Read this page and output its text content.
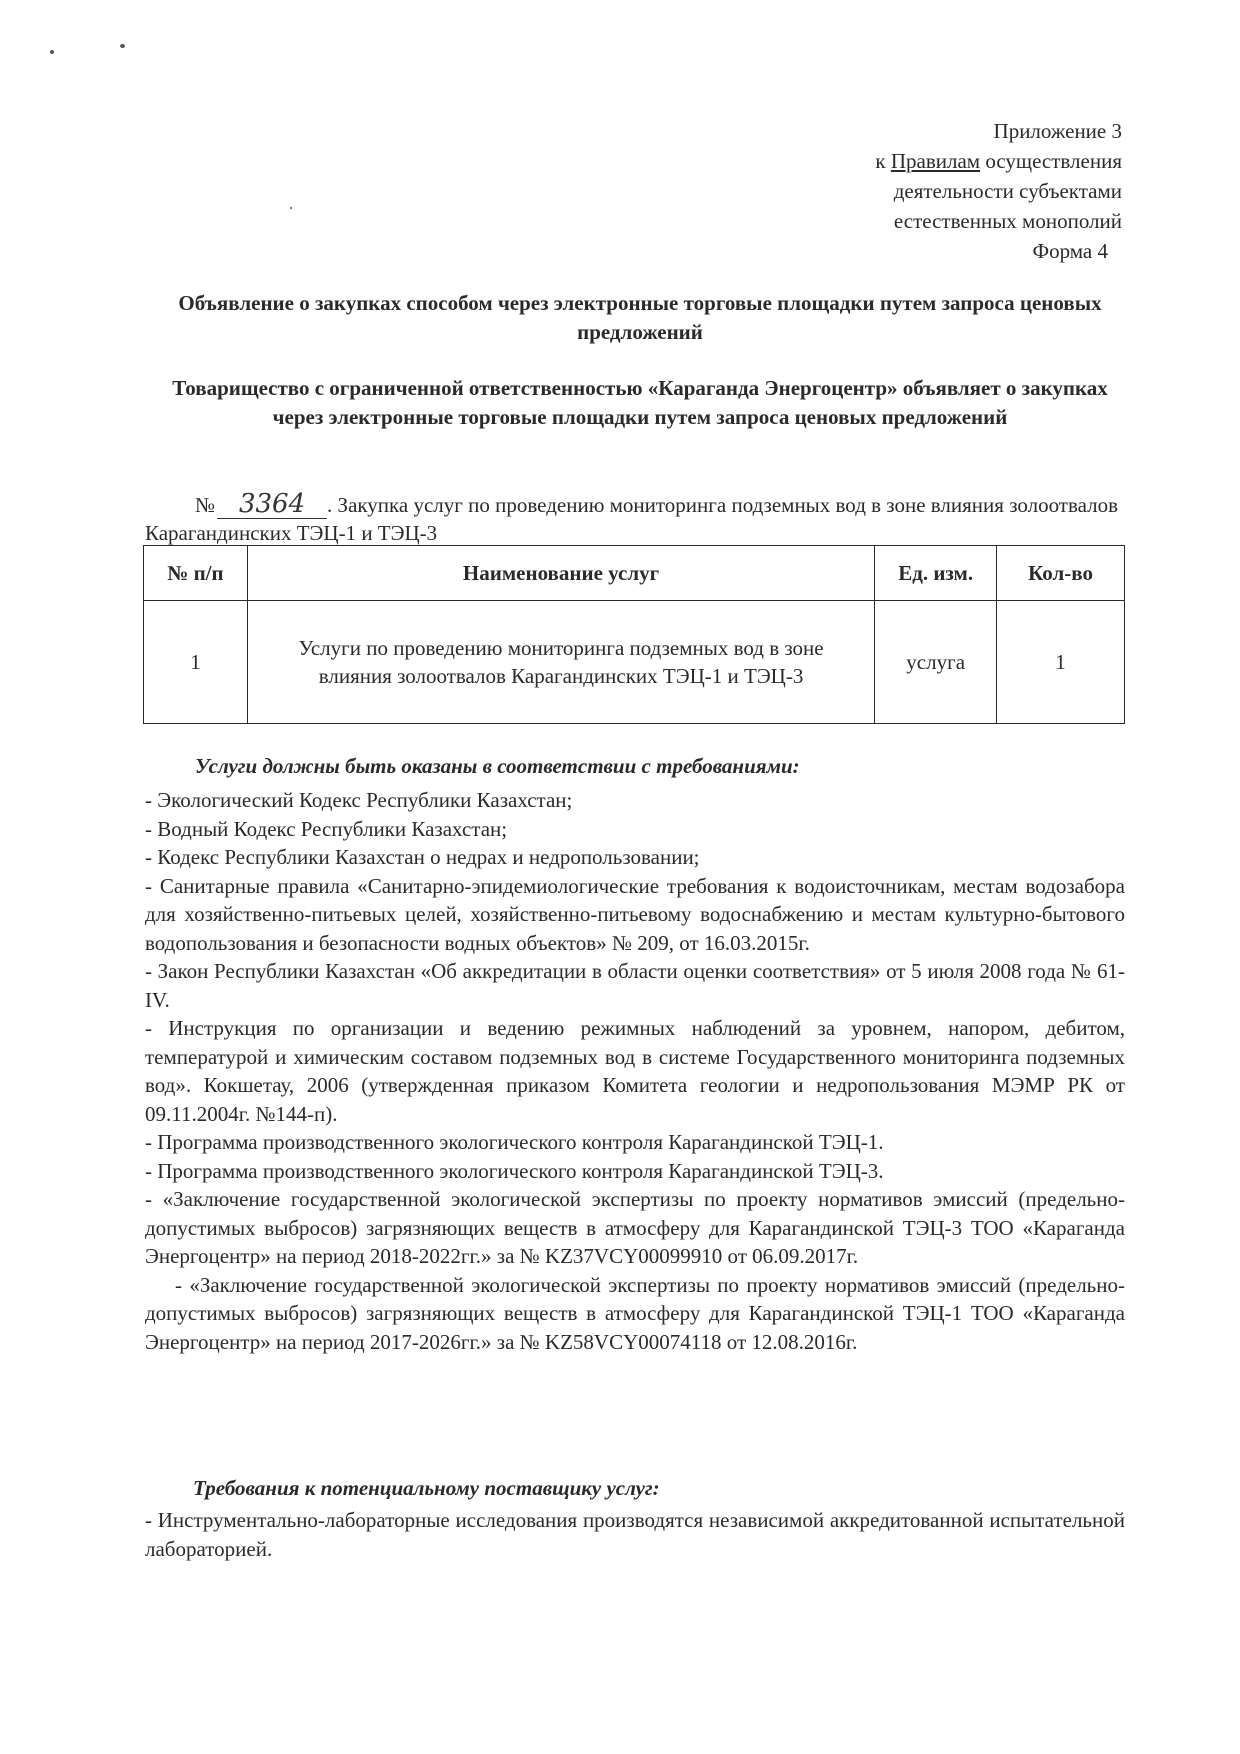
Приложение 3
к Правилам осуществления
деятельности субъектами
естественных монополий
Форма 4
Объявление о закупках способом через электронные торговые площадки путем запроса ценовых предложений
Товарищество с ограниченной ответственностью «Караганда Энергоцентр» объявляет о закупках через электронные торговые площадки путем запроса ценовых предложений
№ 3364 . Закупка услуг по проведению мониторинга подземных вод в зоне влияния золоотвалов Карагандинских ТЭЦ-1 и ТЭЦ-3
№ п/п	Наименование услуг	Ед. изм.	Кол-во
1	Услуги по проведению мониторинга подземных вод в зоне влияния золоотвалов Карагандинских ТЭЦ-1 и ТЭЦ-3	услуга	1
Услуги должны быть оказаны в соответствии с требованиями:

- Экологический Кодекс Республики Казахстан;

- Водный Кодекс Республики Казахстан;

- Кодекс Республики Казахстан о недрах и недропользовании;

- Санитарные правила «Санитарно-эпидемиологические требования к водоисточникам, местам водозабора для хозяйственно-питьевых целей, хозяйственно-питьевому водоснабжению и местам культурно-бытового водопользования и безопасности водных объектов» № 209, от 16.03.2015г.

- Закон Республики Казахстан «Об аккредитации в области оценки соответствия» от 5 июля 2008 года № 61-IV.

- Инструкция по организации и ведению режимных наблюдений за уровнем, напором, дебитом, температурой и химическим составом подземных вод в системе Государственного мониторинга подземных вод». Кокшетау, 2006 (утвержденная приказом Комитета геологии и недропользования МЭМР РК от 09.11.2004г. №144-п).

- Программа производственного экологического контроля Карагандинской ТЭЦ-1.

- Программа производственного экологического контроля Карагандинской ТЭЦ-3.

- «Заключение государственной экологической экспертизы по проекту нормативов эмиссий (предельно-допустимых выбросов) загрязняющих веществ в атмосферу для Карагандинской ТЭЦ-3 ТОО «Караганда Энергоцентр» на период 2018-2022гг.» за № KZ37VCY00099910 от 06.09.2017г.

- «Заключение государственной экологической экспертизы по проекту нормативов эмиссий (предельно-допустимых выбросов) загрязняющих веществ в атмосферу для Карагандинской ТЭЦ-1 ТОО «Караганда Энергоцентр» на период 2017-2026гг.» за № KZ58VCY00074118 от 12.08.2016г.

Требования к потенциальному поставщику услуг:

- Инструментально-лабораторные исследования производятся независимой аккредитованной испытательной лабораторией.
